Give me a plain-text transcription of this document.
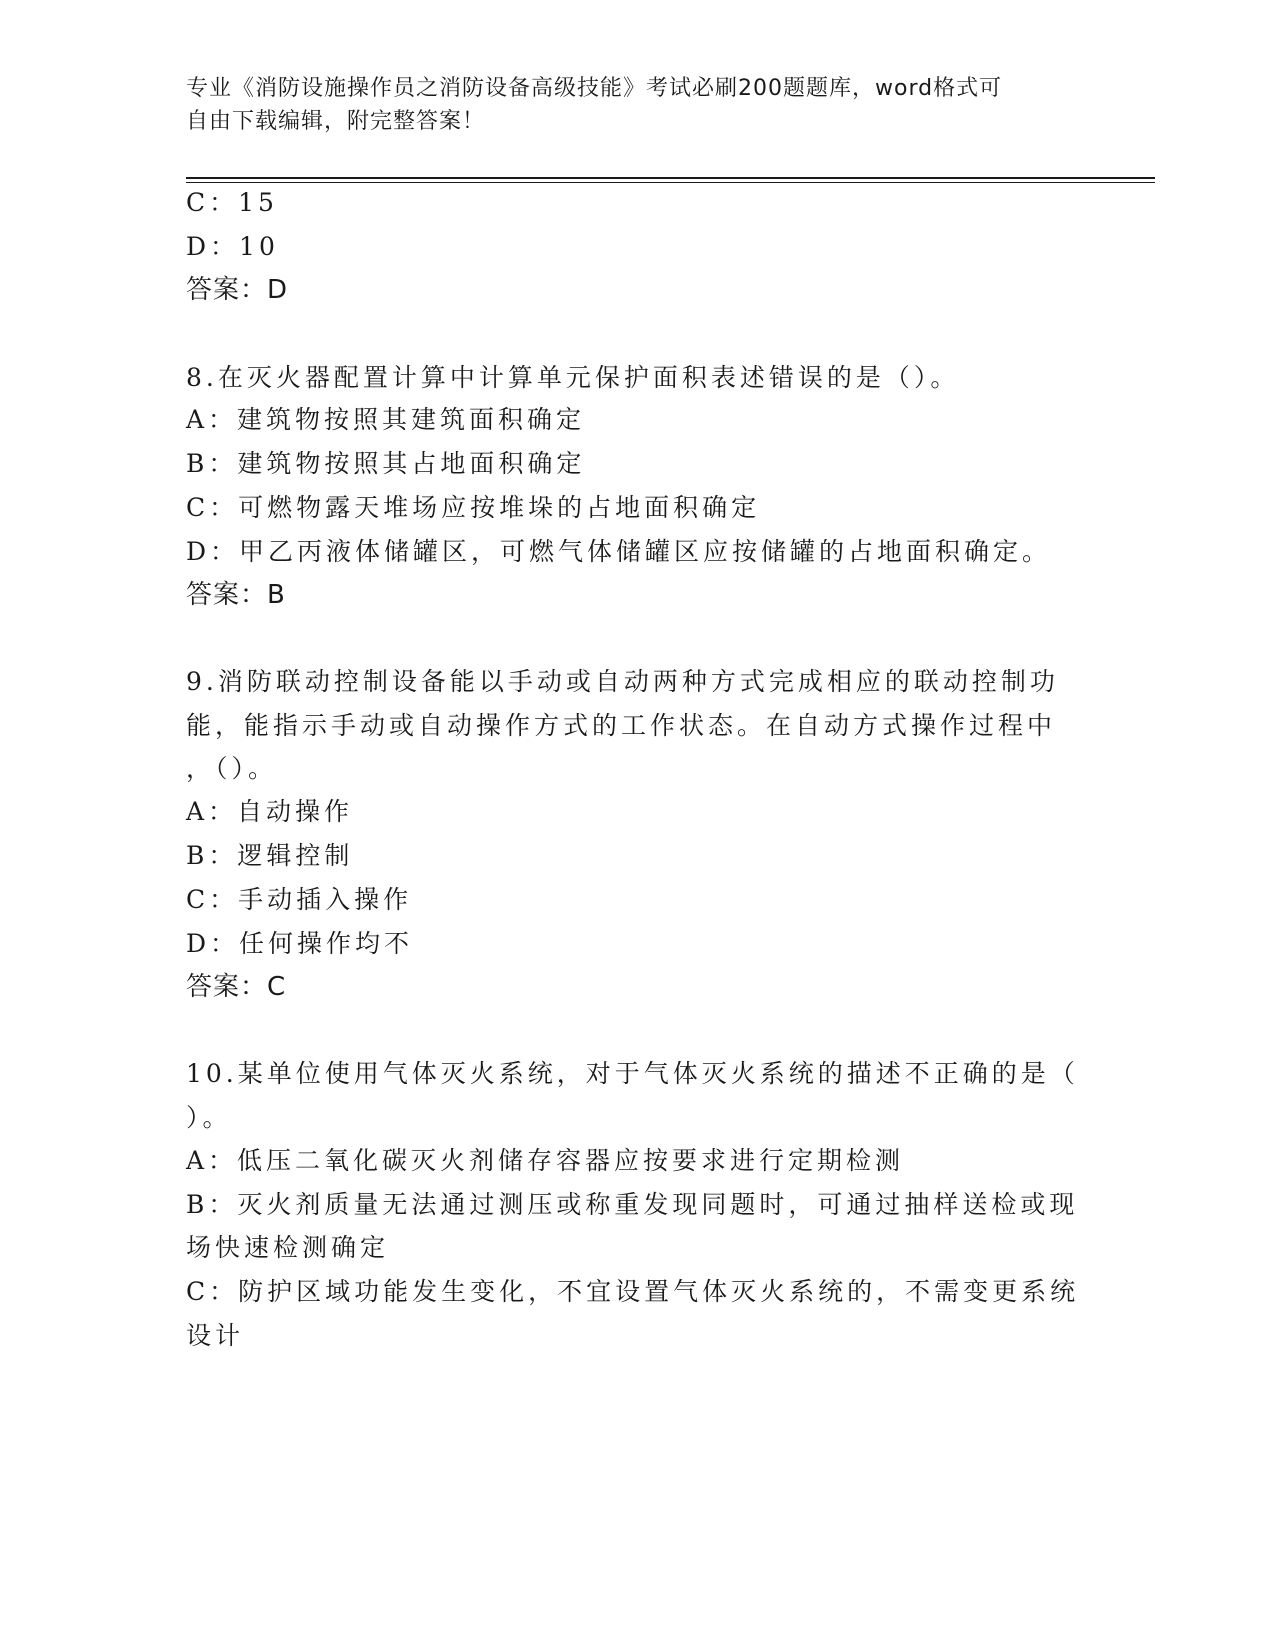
专业《消防设施操作员之消防设备高级技能》考试必刷200题题库，word格式可
自由下载编辑，附完整答案！
C：15
D：10
答案：D
8.在灭火器配置计算中计算单元保护面积表述错误的是（）。
A：建筑物按照其建筑面积确定
B：建筑物按照其占地面积确定
C：可燃物露天堆场应按堆垛的占地面积确定
D：甲乙丙液体储罐区，可燃气体储罐区应按储罐的占地面积确定。
答案：B
9.消防联动控制设备能以手动或自动两种方式完成相应的联动控制功
能，能指示手动或自动操作方式的工作状态。在自动方式操作过程中
，（）。
A：自动操作
B：逻辑控制
C：手动插入操作
D：任何操作均不
答案：C
10.某单位使用气体灭火系统，对于气体灭火系统的描述不正确的是（
）。
A：低压二氧化碳灭火剂储存容器应按要求进行定期检测
B：灭火剂质量无法通过测压或称重发现同题时，可通过抽样送检或现
场快速检测确定
C：防护区域功能发生变化，不宜设置气体灭火系统的，不需变更系统
设计
